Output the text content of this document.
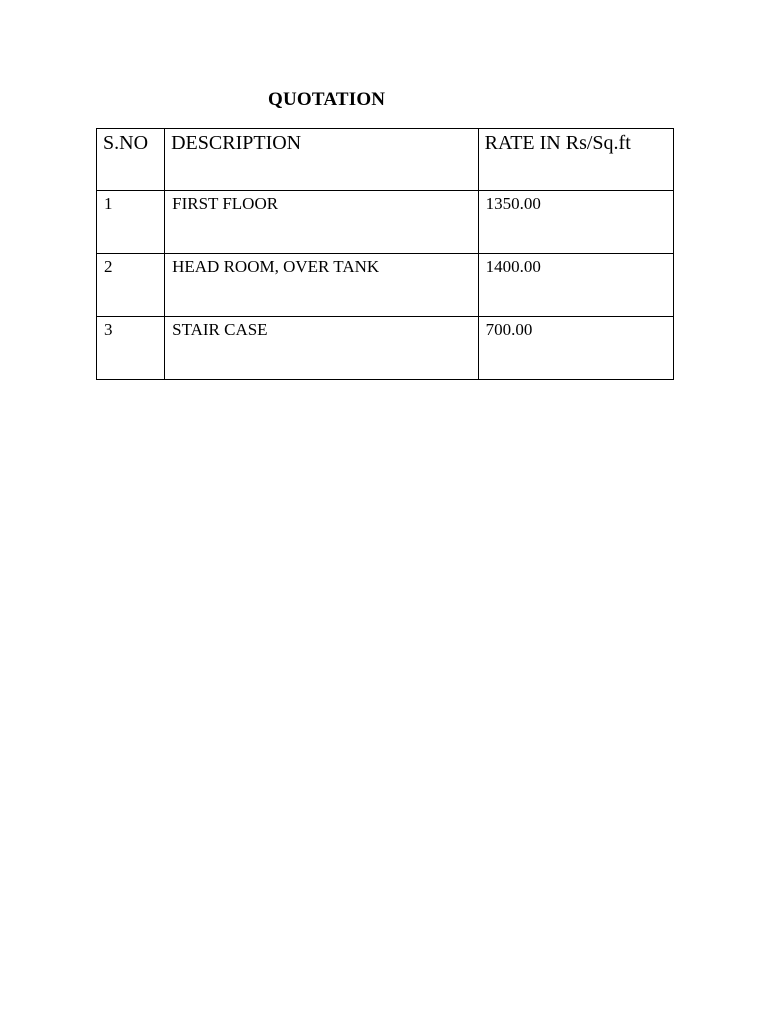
QUOTATION
S.NO	DESCRIPTION	RATE IN Rs/Sq.ft
1	FIRST FLOOR	1350.00
2	HEAD ROOM, OVER TANK	1400.00
3	STAIR CASE	700.00
